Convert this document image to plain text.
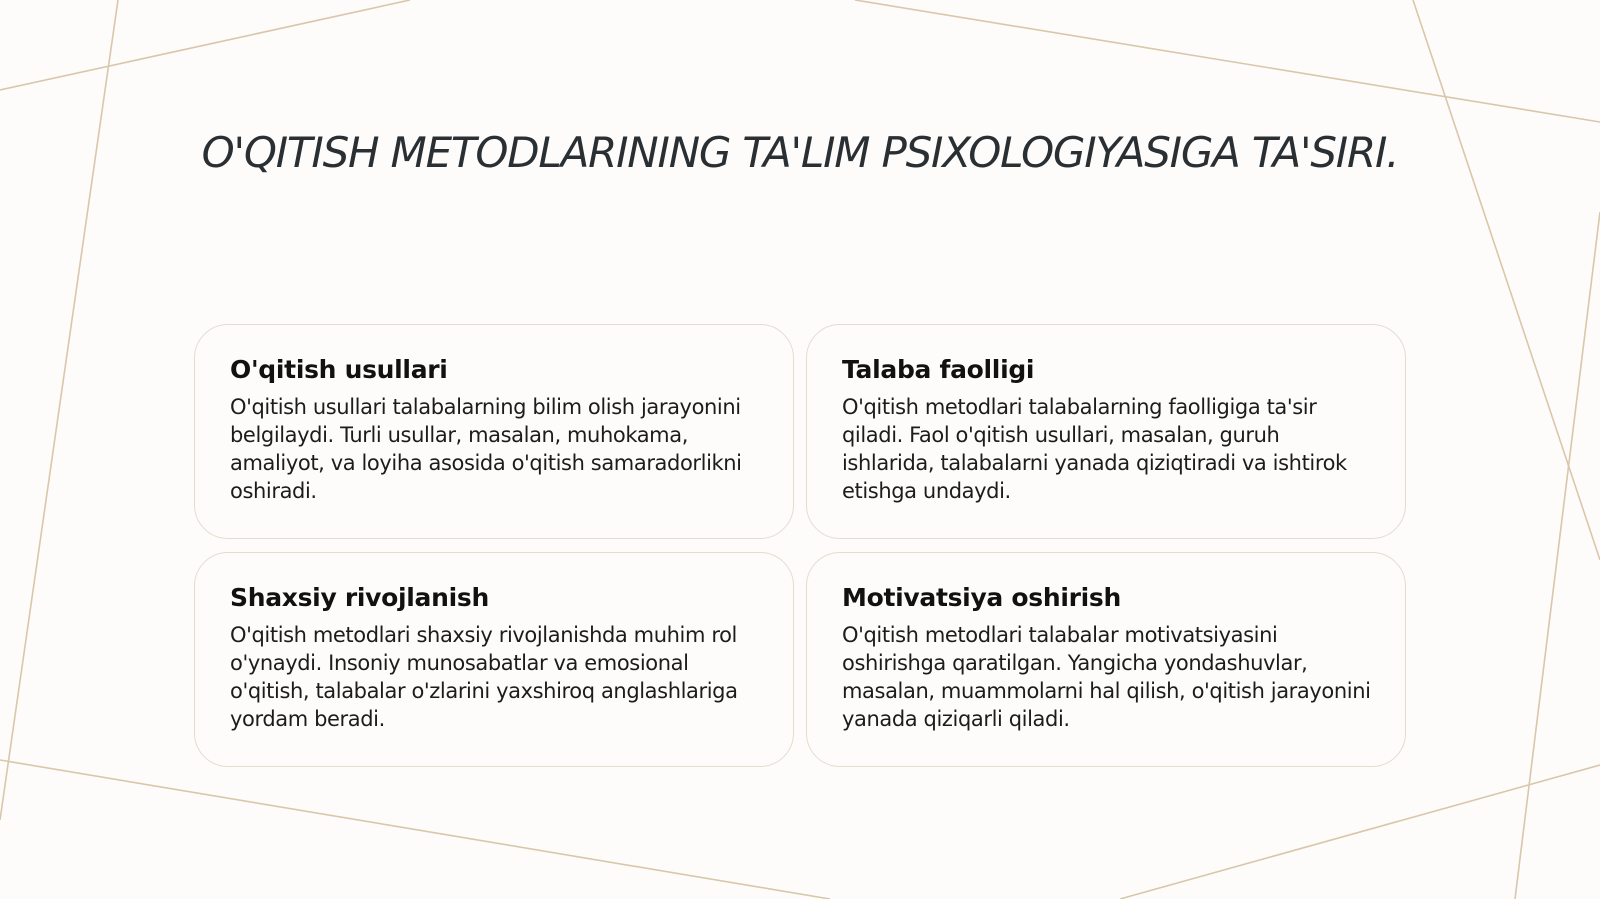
O'QITISH METODLARINING TA'LIM PSIXOLOGIYASIGA TA'SIRI.
O'qitish usullari

O'qitish usullari talabalarning bilim olish jarayonini belgilaydi. Turli usullar, masalan, muhokama, amaliyot, va loyiha asosida o'qitish samaradorlikni oshiradi.

Talaba faolligi

O'qitish metodlari talabalarning faolligiga ta'sir qiladi. Faol o'qitish usullari, masalan, guruh ishlarida, talabalarni yanada qiziqtiradi va ishtirok etishga undaydi.

Shaxsiy rivojlanish

O'qitish metodlari shaxsiy rivojlanishda muhim rol o'ynaydi. Insoniy munosabatlar va emosional o'qitish, talabalar o'zlarini yaxshiroq anglashlariga yordam beradi.

Motivatsiya oshirish

O'qitish metodlari talabalar motivatsiyasini oshirishga qaratilgan. Yangicha yondashuvlar, masalan, muammolarni hal qilish, o'qitish jarayonini yanada qiziqarli qiladi.
